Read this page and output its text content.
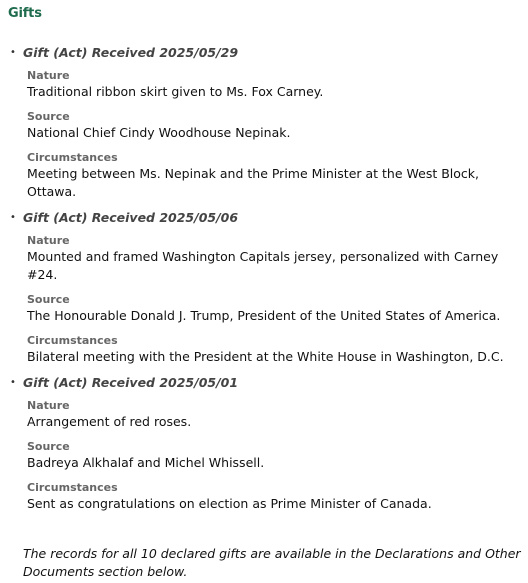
Gifts
• Gift (Act) Received 2025/05/29
Nature
Traditional ribbon skirt given to Ms. Fox Carney.
Source
National Chief Cindy Woodhouse Nepinak.
Circumstances
Meeting between Ms. Nepinak and the Prime Minister at the West Block, Ottawa.
• Gift (Act) Received 2025/05/06
Nature
Mounted and framed Washington Capitals jersey, personalized with Carney #24.
Source
The Honourable Donald J. Trump, President of the United States of America.
Circumstances
Bilateral meeting with the President at the White House in Washington, D.C.
• Gift (Act) Received 2025/05/01
Nature
Arrangement of red roses.
Source
Badreya Alkhalaf and Michel Whissell.
Circumstances
Sent as congratulations on election as Prime Minister of Canada.
The records for all 10 declared gifts are available in the Declarations and Other Documents section below.
